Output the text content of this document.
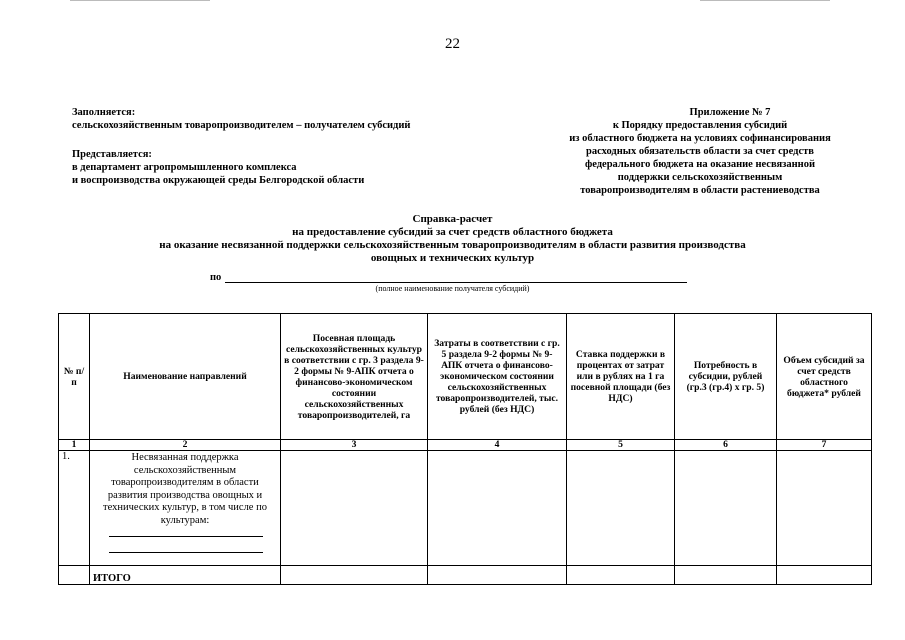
22
Заполняется:
сельскохозяйственным товаропроизводителем – получателем субсидий
Представляется:
в департамент агропромышленного комплекса
и воспроизводства окружающей среды Белгородской области
Приложение № 7
к Порядку предоставления субсидий
из областного бюджета на условиях софинансирования
расходных обязательств области за счет средств
федерального бюджета на оказание несвязанной
поддержки сельскохозяйственным
товаропроизводителям в области растениеводства
Справка-расчет
на предоставление субсидий за счет средств областного бюджета
на оказание несвязанной поддержки сельскохозяйственным товаропроизводителям в области развития производства
овощных и технических культур
по
(полное наименование получателя субсидий)
№ п/п	Наименование направлений	Посевная площадь сельскохозяйственных культур в соответствии с гр. 3 раздела 9-2 формы № 9-АПК отчета о финансово-экономическом состоянии сельскохозяйственных товаропроизводителей, га	Затраты в соответствии с гр. 5 раздела 9-2 формы № 9-АПК отчета о финансово-экономическом состоянии сельскохозяйственных товаропроизводителей, тыс. рублей (без НДС)	Ставка поддержки в процентах от затрат или в рублях на 1 га посевной площади (без НДС)	Потребность в субсидии, рублей (гр.3 (гр.4) х гр. 5)	Объем субсидий за счет средств областного бюджета* рублей
1	2	3	4	5	6	7
1.	Несвязанная поддержка сельскохозяйственным товаропроизводителям в области развития производства овощных и технических культур, в том числе по культурам:					

	ИТОГО					
